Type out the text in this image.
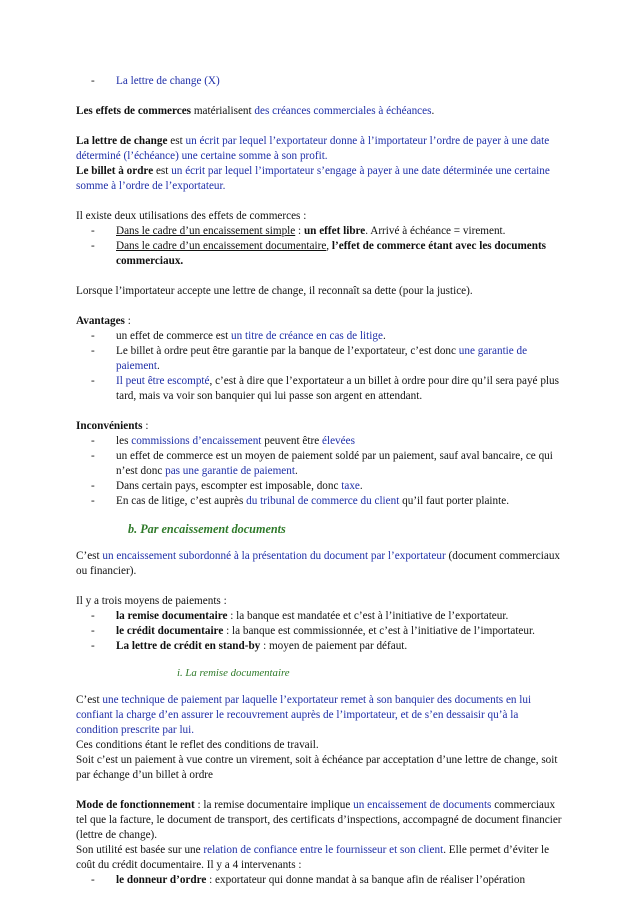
- La lettre de change (X)

Les effets de commerces matérialisent des créances commerciales à échéances.

La lettre de change est un écrit par lequel l’exportateur donne à l’importateur l’ordre de payer à une date déterminé (l’échéance) une certaine somme à son profit.

Le billet à ordre est un écrit par lequel l’importateur s’engage à payer à une date déterminée une certaine somme à l’ordre de l’exportateur.

Il existe deux utilisations des effets de commerces :

- Dans le cadre d’un encaissement simple : un effet libre. Arrivé à échéance = virement.
- Dans le cadre d’un encaissement documentaire, l’effet de commerce étant avec les documents commerciaux.

Lorsque l’importateur accepte une lettre de change, il reconnaît sa dette (pour la justice).

Avantages :

- un effet de commerce est un titre de créance en cas de litige.
- Le billet à ordre peut être garantie par la banque de l’exportateur, c’est donc une garantie de paiement.
- Il peut être escompté, c’est à dire que l’exportateur a un billet à ordre pour dire qu’il sera payé plus tard, mais va voir son banquier qui lui passe son argent en attendant.

Inconvénients :

- les commissions d’encaissement peuvent être élevées
- un effet de commerce est un moyen de paiement soldé par un paiement, sauf aval bancaire, ce qui n’est donc pas une garantie de paiement.
- Dans certain pays, escompter est imposable, donc taxe.
- En cas de litige, c’est auprès du tribunal de commerce du client qu’il faut porter plainte.

b. Par encaissement documents

C’est un encaissement subordonné à la présentation du document par l’exportateur (document commerciaux ou financier).

Il y a trois moyens de paiements :

- la remise documentaire : la banque est mandatée et c’est à l’initiative de l’exportateur.
- le crédit documentaire : la banque est commissionnée, et c’est à l’initiative de l’importateur.
- La lettre de crédit en stand-by : moyen de paiement par défaut.

i. La remise documentaire

C’est une technique de paiement par laquelle l’exportateur remet à son banquier des documents en lui confiant la charge d’en assurer le recouvrement auprès de l’importateur, et de s’en dessaisir qu’à la condition prescrite par lui.

Ces conditions étant le reflet des conditions de travail.

Soit c’est un paiement à vue contre un virement, soit à échéance par acceptation d’une lettre de change, soit par échange d’un billet à ordre

Mode de fonctionnement : la remise documentaire implique un encaissement de documents commerciaux tel que la facture, le document de transport, des certificats d’inspections, accompagné de document financier (lettre de change).

Son utilité est basée sur une relation de confiance entre le fournisseur et son client. Elle permet d’éviter le coût du crédit documentaire. Il y a 4 intervenants :

- le donneur d’ordre : exportateur qui donne mandat à sa banque afin de réaliser l’opération
